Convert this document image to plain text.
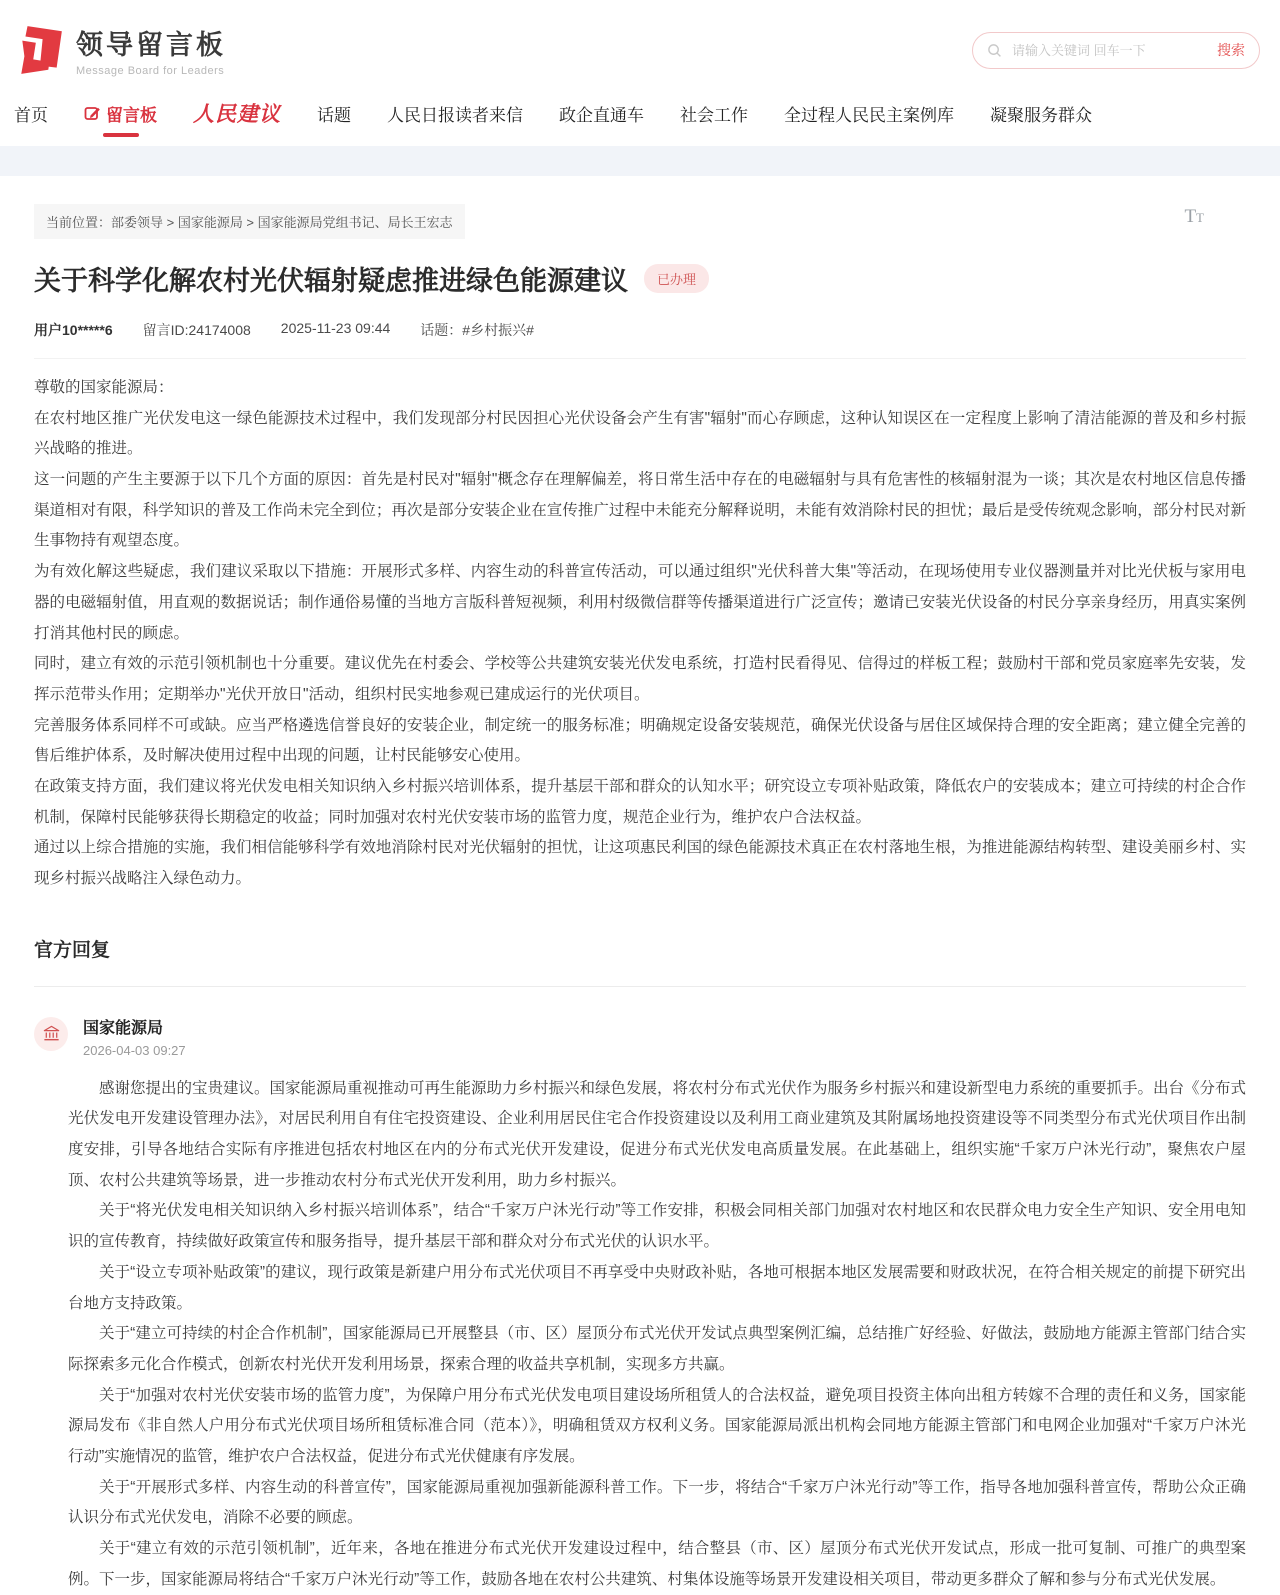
领导留言板
Message Board for Leaders
请输入关键词 回车一下
搜索
首页	留言板 人民建议 话题 人民日报读者来信 政企直通车 社会工作 全过程人民民主案例库 凝聚服务群众
当前位置：部委领导 > 国家能源局 > 国家能源局党组书记、局长王宏志	TT
关于科学化解农村光伏辐射疑虑推进绿色能源建议	已办理
用户10*****6 留言ID:24174008 2025-11-23 09:44 话题：#乡村振兴#

尊敬的国家能源局：

在农村地区推广光伏发电这一绿色能源技术过程中，我们发现部分村民因担心光伏设备会产生有害"辐射"而心存顾虑，这种认知误区在一定程度上影响了清洁能源的普及和乡村振兴战略的推进。

这一问题的产生主要源于以下几个方面的原因：首先是村民对"辐射"概念存在理解偏差，将日常生活中存在的电磁辐射与具有危害性的核辐射混为一谈；其次是农村地区信息传播渠道相对有限，科学知识的普及工作尚未完全到位；再次是部分安装企业在宣传推广过程中未能充分解释说明，未能有效消除村民的担忧；最后是受传统观念影响，部分村民对新生事物持有观望态度。

为有效化解这些疑虑，我们建议采取以下措施：开展形式多样、内容生动的科普宣传活动，可以通过组织"光伏科普大集"等活动，在现场使用专业仪器测量并对比光伏板与家用电器的电磁辐射值，用直观的数据说话；制作通俗易懂的当地方言版科普短视频，利用村级微信群等传播渠道进行广泛宣传；邀请已安装光伏设备的村民分享亲身经历，用真实案例打消其他村民的顾虑。

同时，建立有效的示范引领机制也十分重要。建议优先在村委会、学校等公共建筑安装光伏发电系统，打造村民看得见、信得过的样板工程；鼓励村干部和党员家庭率先安装，发挥示范带头作用；定期举办"光伏开放日"活动，组织村民实地参观已建成运行的光伏项目。

完善服务体系同样不可或缺。应当严格遴选信誉良好的安装企业，制定统一的服务标准；明确规定设备安装规范，确保光伏设备与居住区域保持合理的安全距离；建立健全完善的售后维护体系，及时解决使用过程中出现的问题，让村民能够安心使用。

在政策支持方面，我们建议将光伏发电相关知识纳入乡村振兴培训体系，提升基层干部和群众的认知水平；研究设立专项补贴政策，降低农户的安装成本；建立可持续的村企合作机制，保障村民能够获得长期稳定的收益；同时加强对农村光伏安装市场的监管力度，规范企业行为，维护农户合法权益。

通过以上综合措施的实施，我们相信能够科学有效地消除村民对光伏辐射的担忧，让这项惠民利国的绿色能源技术真正在农村落地生根，为推进能源结构转型、建设美丽乡村、实现乡村振兴战略注入绿色动力。

官方回复
国家能源局
2026-04-03 09:27

感谢您提出的宝贵建议。国家能源局重视推动可再生能源助力乡村振兴和绿色发展，将农村分布式光伏作为服务乡村振兴和建设新型电力系统的重要抓手。出台《分布式光伏发电开发建设管理办法》，对居民利用自有住宅投资建设、企业利用居民住宅合作投资建设以及利用工商业建筑及其附属场地投资建设等不同类型分布式光伏项目作出制度安排，引导各地结合实际有序推进包括农村地区在内的分布式光伏开发建设，促进分布式光伏发电高质量发展。在此基础上，组织实施“千家万户沐光行动”，聚焦农户屋顶、农村公共建筑等场景，进一步推动农村分布式光伏开发利用，助力乡村振兴。

关于“将光伏发电相关知识纳入乡村振兴培训体系”，结合“千家万户沐光行动”等工作安排，积极会同相关部门加强对农村地区和农民群众电力安全生产知识、安全用电知识的宣传教育，持续做好政策宣传和服务指导，提升基层干部和群众对分布式光伏的认识水平。

关于“设立专项补贴政策”的建议，现行政策是新建户用分布式光伏项目不再享受中央财政补贴，各地可根据本地区发展需要和财政状况，在符合相关规定的前提下研究出台地方支持政策。

关于“建立可持续的村企合作机制”，国家能源局已开展整县（市、区）屋顶分布式光伏开发试点典型案例汇编，总结推广好经验、好做法，鼓励地方能源主管部门结合实际探索多元化合作模式，创新农村光伏开发利用场景，探索合理的收益共享机制，实现多方共赢。

关于“加强对农村光伏安装市场的监管力度”，为保障户用分布式光伏发电项目建设场所租赁人的合法权益，避免项目投资主体向出租方转嫁不合理的责任和义务，国家能源局发布《非自然人户用分布式光伏项目场所租赁标准合同（范本）》，明确租赁双方权利义务。国家能源局派出机构会同地方能源主管部门和电网企业加强对“千家万户沐光行动”实施情况的监管，维护农户合法权益，促进分布式光伏健康有序发展。

关于“开展形式多样、内容生动的科普宣传”，国家能源局重视加强新能源科普工作。下一步，将结合“千家万户沐光行动”等工作，指导各地加强科普宣传，帮助公众正确认识分布式光伏发电，消除不必要的顾虑。

关于“建立有效的示范引领机制”，近年来，各地在推进分布式光伏开发建设过程中，结合整县（市、区）屋顶分布式光伏开发试点，形成一批可复制、可推广的典型案例。下一步，国家能源局将结合“千家万户沐光行动”等工作，鼓励各地在农村公共建筑、村集体设施等场景开发建设相关项目，带动更多群众了解和参与分布式光伏发展。
